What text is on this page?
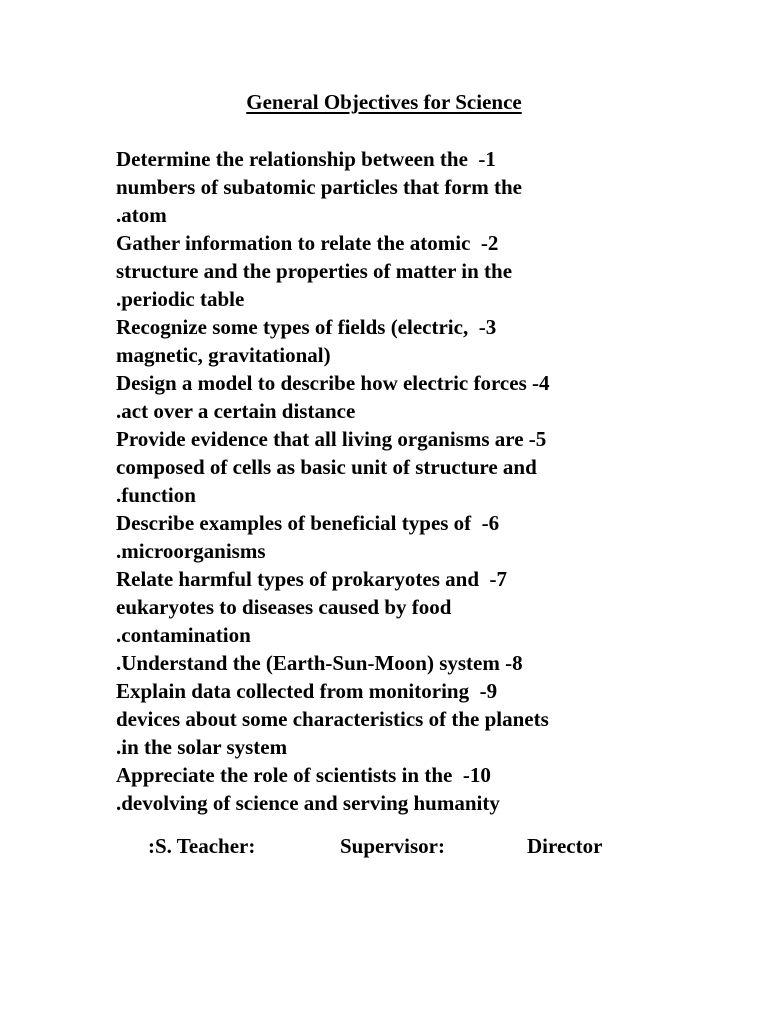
General Objectives for Science
Determine the relationship between the  -1
numbers of subatomic particles that form the
.atom
Gather information to relate the atomic  -2
structure and the properties of matter in the
.periodic table
Recognize some types of fields (electric,  -3
magnetic, gravitational)
Design a model to describe how electric forces -4
.act over a certain distance
Provide evidence that all living organisms are -5
composed of cells as basic unit of structure and
.function
Describe examples of beneficial types of  -6
.microorganisms
Relate harmful types of prokaryotes and  -7
eukaryotes to diseases caused by food
.contamination
.Understand the (Earth-Sun-Moon) system -8
Explain data collected from monitoring  -9
devices about some characteristics of the planets
.in the solar system
Appreciate the role of scientists in the  -10
.devolving of science and serving humanity
:S. Teacher:	Supervisor:	Director
